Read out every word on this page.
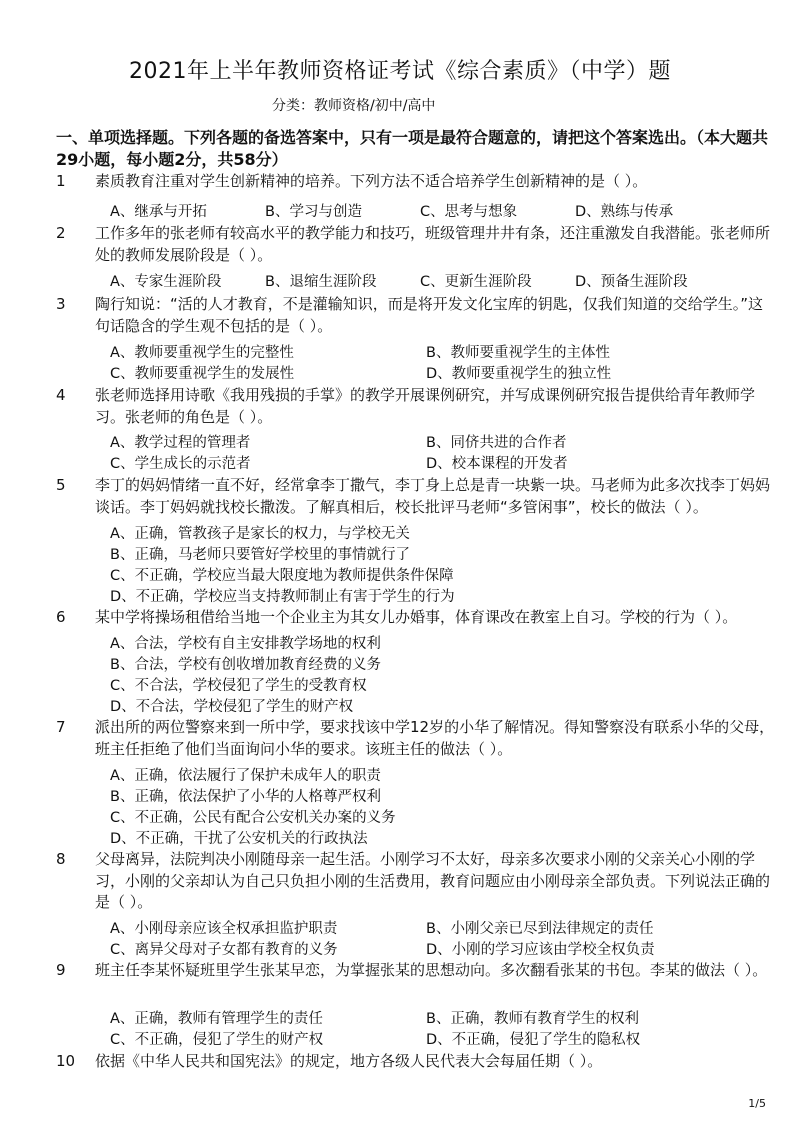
2021年上半年教师资格证考试《综合素质》（中学）题
分类：教师资格/初中/高中
一、单项选择题。下列各题的备选答案中，只有一项是最符合题意的，请把这个答案选出。（本大题共29小题，每小题2分，共58分）
1 素质教育注重对学生创新精神的培养。下列方法不适合培养学生创新精神的是（ ）。
A、继承与开拓	B、学习与创造	C、思考与想象	D、熟练与传承
2 工作多年的张老师有较高水平的教学能力和技巧，班级管理井井有条，还注重激发自我潜能。张老师所处的教师发展阶段是（ ）。
A、专家生涯阶段	B、退缩生涯阶段	C、更新生涯阶段	D、预备生涯阶段
3 陶行知说：“活的人才教育，不是灌输知识，而是将开发文化宝库的钥匙，仅我们知道的交给学生。”这句话隐含的学生观不包括的是（ ）。
A、教师要重视学生的完整性	B、教师要重视学生的主体性
C、教师要重视学生的发展性	D、教师要重视学生的独立性
4 张老师选择用诗歌《我用残损的手掌》的教学开展课例研究，并写成课例研究报告提供给青年教师学习。张老师的角色是（ ）。
A、教学过程的管理者	B、同侪共进的合作者
C、学生成长的示范者	D、校本课程的开发者
5 李丁的妈妈情绪一直不好，经常拿李丁撒气，李丁身上总是青一块紫一块。马老师为此多次找李丁妈妈谈话。李丁妈妈就找校长撒泼。了解真相后，校长批评马老师“多管闲事”，校长的做法（ ）。
A、正确，管教孩子是家长的权力，与学校无关
B、正确，马老师只要管好学校里的事情就行了
C、不正确，学校应当最大限度地为教师提供条件保障
D、不正确，学校应当支持教师制止有害于学生的行为
6 某中学将操场租借给当地一个企业主为其女儿办婚事，体育课改在教室上自习。学校的行为（ ）。
A、合法，学校有自主安排教学场地的权利
B、合法，学校有创收增加教育经费的义务
C、不合法，学校侵犯了学生的受教育权
D、不合法，学校侵犯了学生的财产权
7 派出所的两位警察来到一所中学，要求找该中学12岁的小华了解情况。得知警察没有联系小华的父母，班主任拒绝了他们当面询问小华的要求。该班主任的做法（ ）。
A、正确，依法履行了保护未成年人的职责
B、正确，依法保护了小华的人格尊严权利
C、不正确，公民有配合公安机关办案的义务
D、不正确，干扰了公安机关的行政执法
8 父母离异，法院判决小刚随母亲一起生活。小刚学习不太好，母亲多次要求小刚的父亲关心小刚的学习，小刚的父亲却认为自己只负担小刚的生活费用，教育问题应由小刚母亲全部负责。下列说法正确的是（ ）。
A、小刚母亲应该全权承担监护职责	B、小刚父亲已尽到法律规定的责任
C、离异父母对子女都有教育的义务	D、小刚的学习应该由学校全权负责
9 班主任李某怀疑班里学生张某早恋，为掌握张某的思想动向。多次翻看张某的书包。李某的做法（ ）。
A、正确，教师有管理学生的责任	B、正确，教师有教育学生的权利
C、不正确，侵犯了学生的财产权	D、不正确，侵犯了学生的隐私权
10 依据《中华人民共和国宪法》的规定，地方各级人民代表大会每届任期（ ）。
1/5
